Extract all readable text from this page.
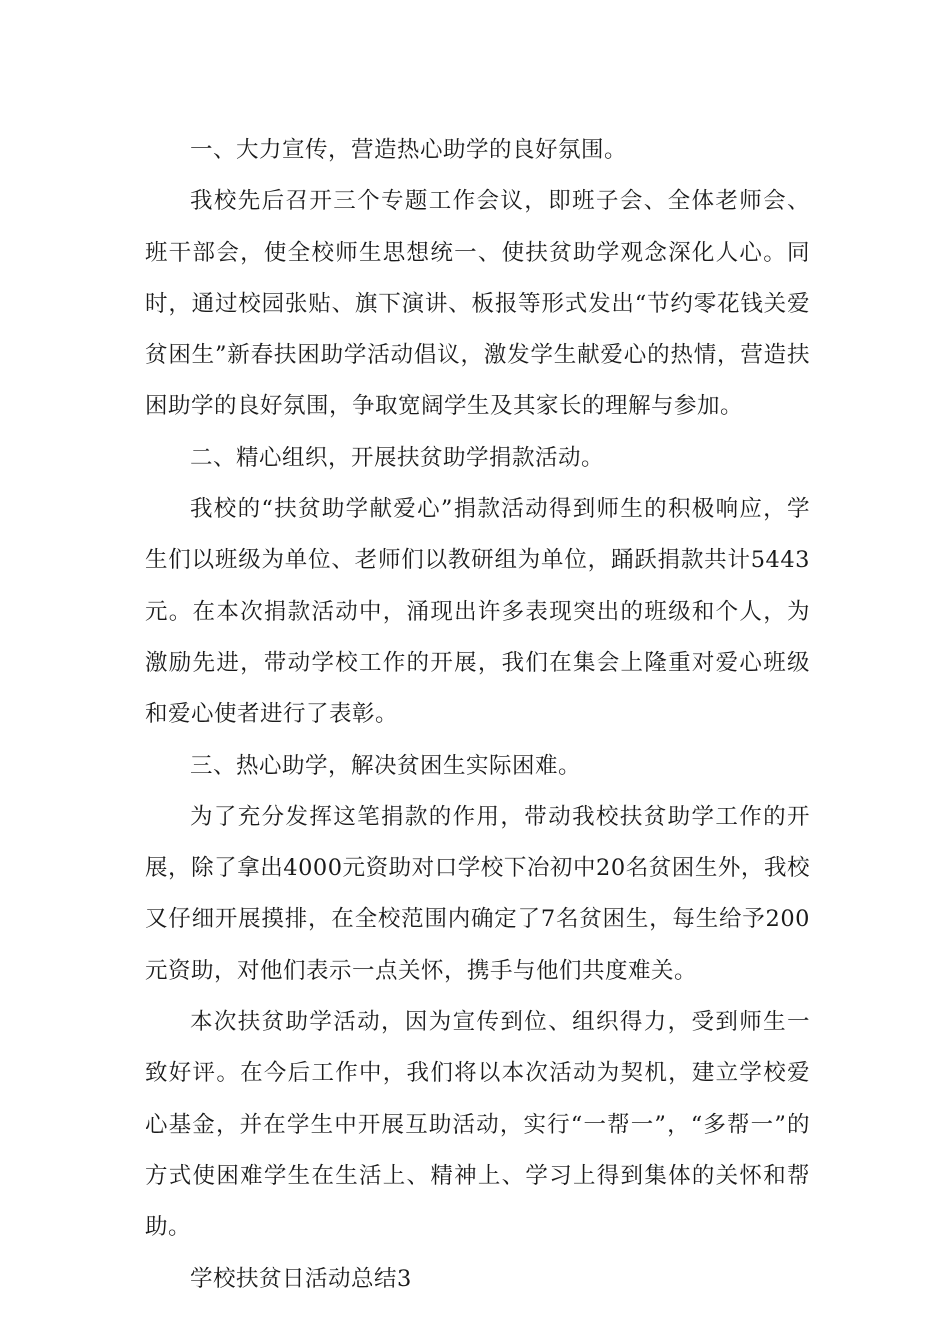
一、大力宣传，营造热心助学的良好氛围。

我校先后召开三个专题工作会议，即班子会、全体老师会、班干部会，使全校师生思想统一、使扶贫助学观念深化人心。同时，通过校园张贴、旗下演讲、板报等形式发出“节约零花钱关爱贫困生”新春扶困助学活动倡议，激发学生献爱心的热情，营造扶困助学的良好氛围，争取宽阔学生及其家长的理解与参加。

二、精心组织，开展扶贫助学捐款活动。

我校的“扶贫助学献爱心”捐款活动得到师生的积极响应，学生们以班级为单位、老师们以教研组为单位，踊跃捐款共计5443元。在本次捐款活动中，涌现出许多表现突出的班级和个人，为激励先进，带动学校工作的开展，我们在集会上隆重对爱心班级和爱心使者进行了表彰。

三、热心助学，解决贫困生实际困难。

为了充分发挥这笔捐款的作用，带动我校扶贫助学工作的开展，除了拿出4000元资助对口学校下冶初中20名贫困生外，我校又仔细开展摸排，在全校范围内确定了7名贫困生，每生给予200元资助，对他们表示一点关怀，携手与他们共度难关。

本次扶贫助学活动，因为宣传到位、组织得力，受到师生一致好评。在今后工作中，我们将以本次活动为契机，建立学校爱心基金，并在学生中开展互助活动，实行“一帮一”，“多帮一”的方式使困难学生在生活上、精神上、学习上得到集体的关怀和帮助。

学校扶贫日活动总结3
